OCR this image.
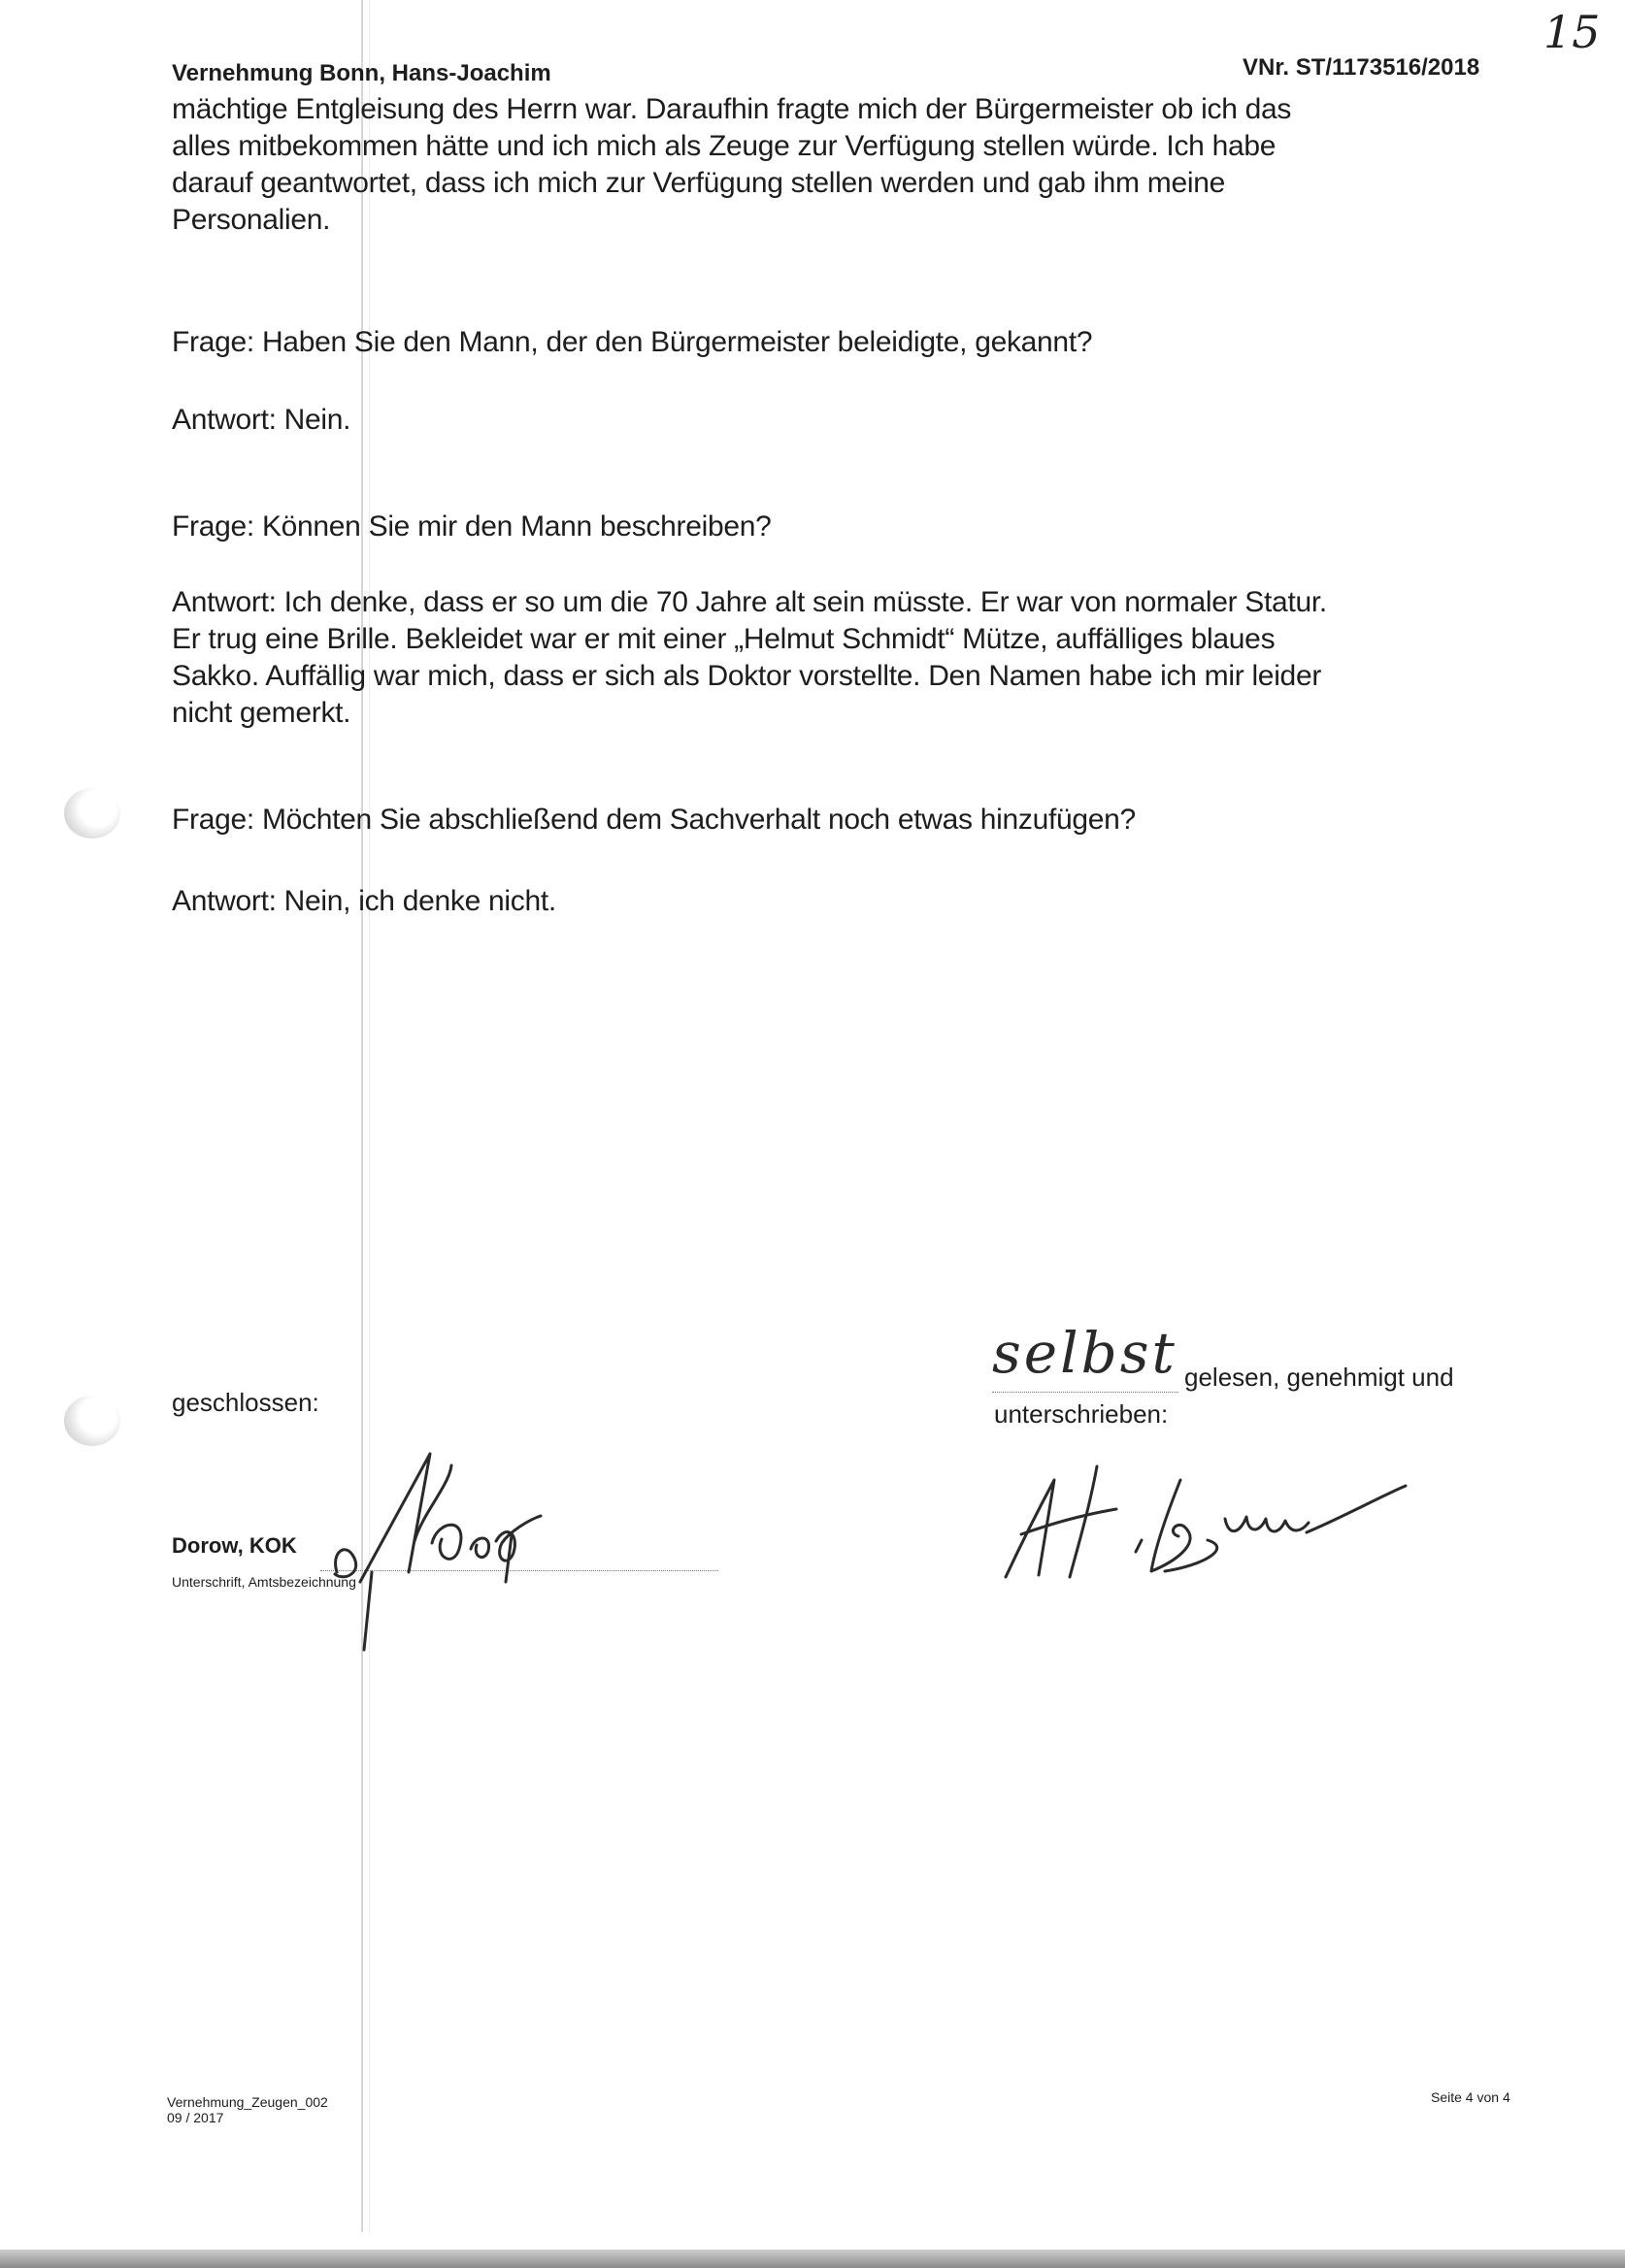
Vernehmung Bonn, Hans-Joachim	VNr. ST/1173516/2018
15

mächtige Entgleisung des Herrn war. Daraufhin fragte mich der Bürgermeister ob ich das

alles mitbekommen hätte und ich mich als Zeuge zur Verfügung stellen würde. Ich habe

darauf geantwortet, dass ich mich zur Verfügung stellen werden und gab ihm meine

Personalien.

Frage: Haben Sie den Mann, der den Bürgermeister beleidigte, gekannt?

Antwort: Nein.

Frage: Können Sie mir den Mann beschreiben?

Antwort: Ich denke, dass er so um die 70 Jahre alt sein müsste. Er war von normaler Statur.

Er trug eine Brille. Bekleidet war er mit einer „Helmut Schmidt“ Mütze, auffälliges blaues

Sakko. Auffällig war mich, dass er sich als Doktor vorstellte. Den Namen habe ich mir leider

nicht gemerkt.

Frage: Möchten Sie abschließend dem Sachverhalt noch etwas hinzufügen?

Antwort: Nein, ich denke nicht.

geschlossen:
Dorow, KOK
Unterschrift, Amtsbezeichnung
selbst gelesen, genehmigt und
unterschrieben:
Vernehmung_Zeugen_002
09 / 2017
Seite 4 von 4
